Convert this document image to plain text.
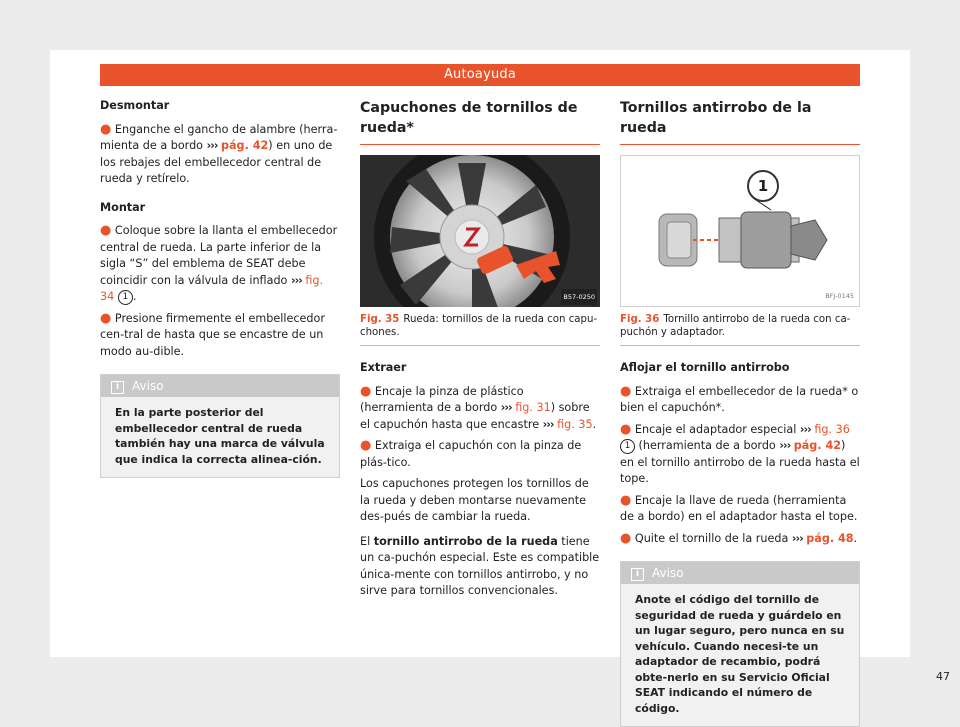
Autoayuda

Desmontar

● Enganche el gancho de alambre (herra-mienta de a bordo ››› pág. 42) en uno de los rebajes del embellecedor central de rueda y retírelo.

Montar

● Coloque sobre la llanta el embellecedor central de rueda. La parte inferior de la sigla “S” del emblema de SEAT debe coincidir con la válvula de inflado ››› fig. 34 1 .

● Presione firmemente el embellecedor cen-tral de hasta que se encastre de un modo au-dible.

i Aviso
En la parte posterior del embellecedor central de rueda también hay una marca de válvula que indica la correcta alinea-ción.
Capuchones de tornillos de rueda*
B57-0250
Fig. 35 Rueda: tornillos de la rueda con capu-chones.

Extraer

● Encaje la pinza de plástico (herramienta de a bordo ››› fig. 31) sobre el capuchón hasta que encastre ››› fig. 35.

● Extraiga el capuchón con la pinza de plás-tico.

Los capuchones protegen los tornillos de la rueda y deben montarse nuevamente des-pués de cambiar la rueda.

El tornillo antirrobo de la rueda tiene un ca-puchón especial. Este es compatible única-mente con tornillos antirrobo, y no sirve para tornillos convencionales.

Tornillos antirrobo de la rueda
1
BFJ-0145
Fig. 36 Tornillo antirrobo de la rueda con ca-puchón y adaptador.

Aflojar el tornillo antirrobo

● Extraiga el embellecedor de la rueda* o bien el capuchón*.

● Encaje el adaptador especial ››› fig. 36 1 (herramienta de a bordo ››› pág. 42) en el tornillo antirrobo de la rueda hasta el tope.

● Encaje la llave de rueda (herramienta de a bordo) en el adaptador hasta el tope.

● Quite el tornillo de la rueda ››› pág. 48.

i Aviso
Anote el código del tornillo de seguridad de rueda y guárdelo en un lugar seguro, pero nunca en su vehículo. Cuando necesi-te un adaptador de recambio, podrá obte-nerlo en su Servicio Oficial SEAT indicando el número de código.
47
